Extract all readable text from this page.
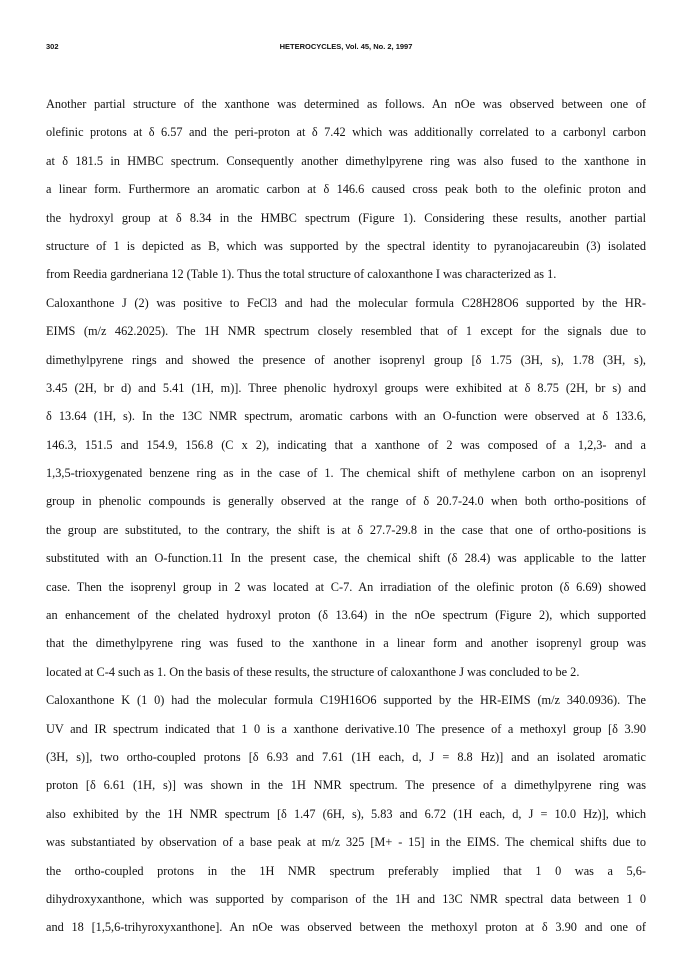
302	HETEROCYCLES, Vol. 45, No. 2, 1997
Another partial structure of the xanthone was determined as follows. An nOe was observed between one of
olefinic protons at δ 6.57 and the peri-proton at δ 7.42 which was additionally correlated to a carbonyl carbon
at δ 181.5 in HMBC spectrum. Consequently another dimethylpyrene ring was also fused to the xanthone in
a linear form. Furthermore an aromatic carbon at δ 146.6 caused cross peak both to the olefinic proton and
the hydroxyl group at δ 8.34 in the HMBC spectrum (Figure 1). Considering these results, another partial
structure of 1 is depicted as B, which was supported by the spectral identity to pyranojacareubin (3) isolated
from Reedia gardneriana 12 (Table 1). Thus the total structure of caloxanthone I was characterized as 1.
Caloxanthone J (2) was positive to FeCl3 and had the molecular formula C28H28O6 supported by the HR-
EIMS (m/z 462.2025). The 1H NMR spectrum closely resembled that of 1 except for the signals due to
dimethylpyrene rings and showed the presence of another isoprenyl group [δ 1.75 (3H, s), 1.78 (3H, s),
3.45 (2H, br d) and 5.41 (1H, m)]. Three phenolic hydroxyl groups were exhibited at δ 8.75 (2H, br s) and
δ 13.64 (1H, s). In the 13C NMR spectrum, aromatic carbons with an O-function were observed at δ 133.6,
146.3, 151.5 and 154.9, 156.8 (C x 2), indicating that a xanthone of 2 was composed of a 1,2,3- and a
1,3,5-trioxygenated benzene ring as in the case of 1. The chemical shift of methylene carbon on an isoprenyl
group in phenolic compounds is generally observed at the range of δ 20.7-24.0 when both ortho-positions of
the group are substituted, to the contrary, the shift is at δ 27.7-29.8 in the case that one of ortho-positions is
substituted with an O-function.11 In the present case, the chemical shift (δ 28.4) was applicable to the latter
case. Then the isoprenyl group in 2 was located at C-7. An irradiation of the olefinic proton (δ 6.69) showed
an enhancement of the chelated hydroxyl proton (δ 13.64) in the nOe spectrum (Figure 2), which supported
that the dimethylpyrene ring was fused to the xanthone in a linear form and another isoprenyl group was
located at C-4 such as 1. On the basis of these results, the structure of caloxanthone J was concluded to be 2.
Caloxanthone K (1 0) had the molecular formula C19H16O6 supported by the HR-EIMS (m/z 340.0936). The
UV and IR spectrum indicated that 1 0 is a xanthone derivative.10 The presence of a methoxyl group [δ 3.90
(3H, s)], two ortho-coupled protons [δ 6.93 and 7.61 (1H each, d, J = 8.8 Hz)] and an isolated aromatic
proton [δ 6.61 (1H, s)] was shown in the 1H NMR spectrum. The presence of a dimethylpyrene ring was
also exhibited by the 1H NMR spectrum [δ 1.47 (6H, s), 5.83 and 6.72 (1H each, d, J = 10.0 Hz)], which
was substantiated by observation of a base peak at m/z 325 [M+ - 15] in the EIMS. The chemical shifts due to
the ortho-coupled protons in the 1H NMR spectrum preferably implied that 1 0 was a 5,6-
dihydroxyxanthone, which was supported by comparison of the 1H and 13C NMR spectral data between 1 0
and 18 [1,5,6-trihyroxyxanthone]. An nOe was observed between the methoxyl proton at δ 3.90 and one of
